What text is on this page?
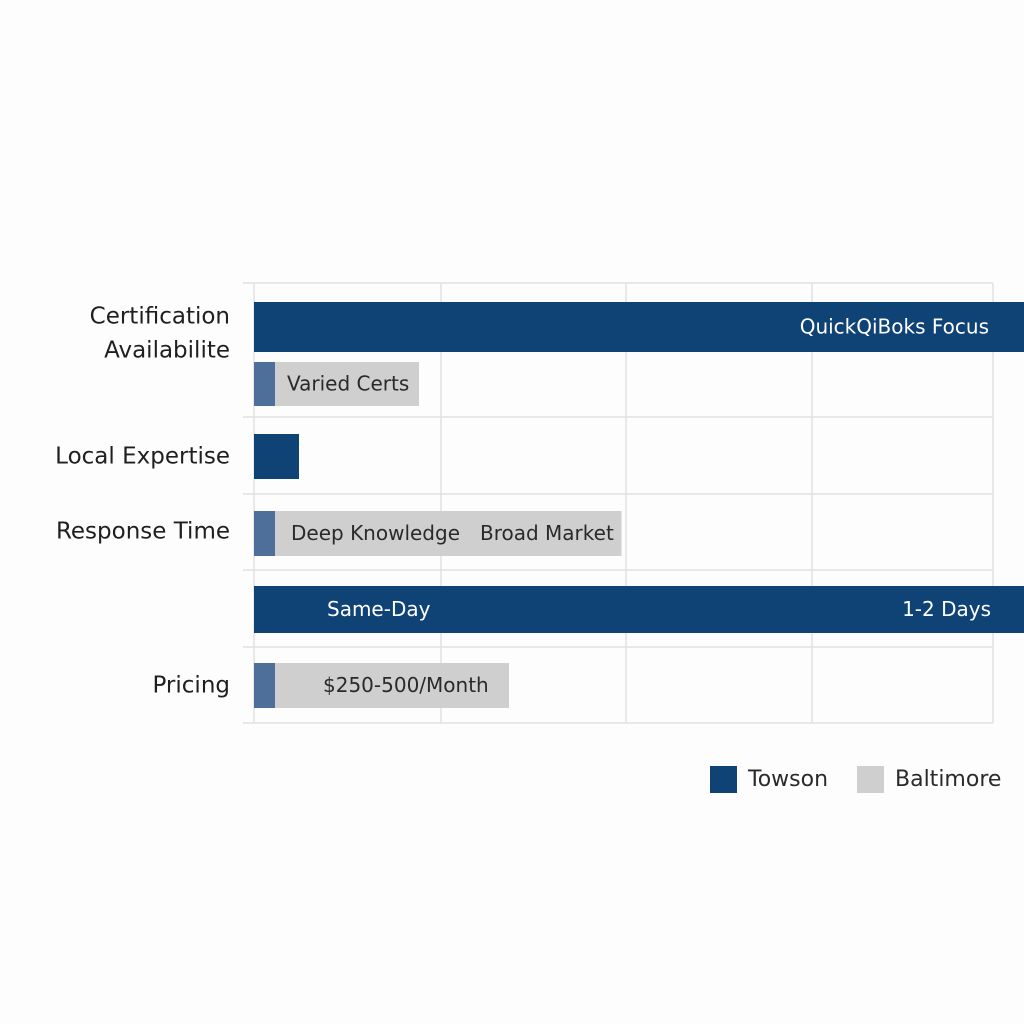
Certification
Availabilite
Local Expertise
Response Time
Pricing
QuickQiBoks Focus
Varied Certs
Deep Knowledge Broad Market
Same-Day	1-2 Days
$250-500/Month
Towson	Baltimore
